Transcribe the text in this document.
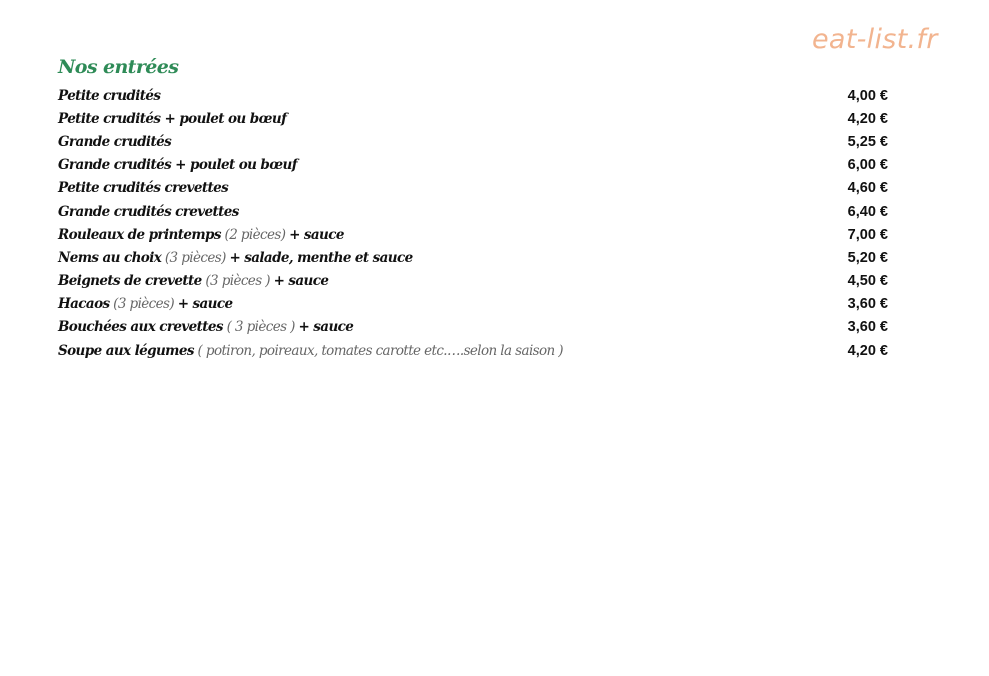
eat-list.fr
Nos entrées
Petite crudités	4,00 €
Petite crudités + poulet ou bœuf	4,20 €
Grande crudités	5,25 €
Grande crudités + poulet ou bœuf	6,00 €
Petite crudités crevettes	4,60 €
Grande crudités crevettes	6,40 €
Rouleaux de printemps (2 pièces) + sauce	7,00 €
Nems au choix (3 pièces) + salade, menthe et sauce	5,20 €
Beignets de crevette (3 pièces ) + sauce	4,50 €
Hacaos (3 pièces) + sauce	3,60 €
Bouchées aux crevettes ( 3 pièces ) + sauce	3,60 €
Soupe aux légumes ( potiron, poireaux, tomates carotte etc.….selon la saison )	4,20 €
